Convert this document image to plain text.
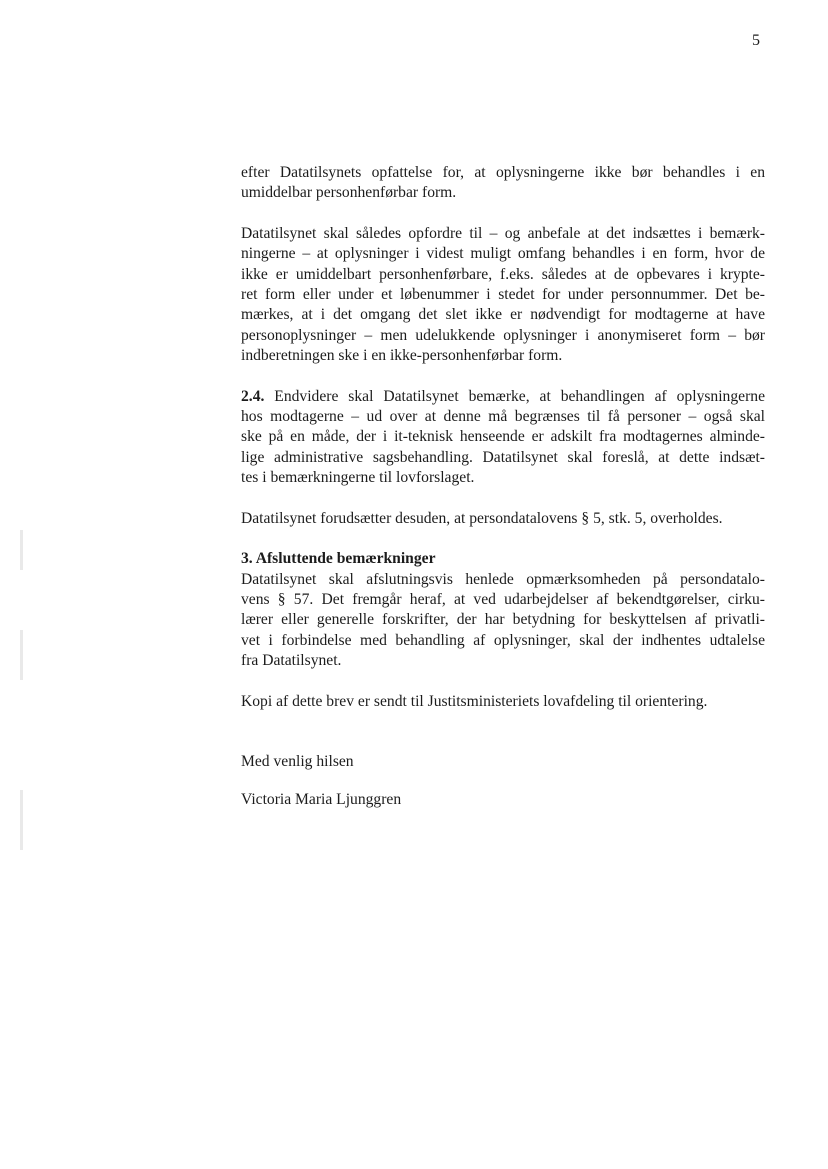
5

efter Datatilsynets opfattelse for, at oplysningerne ikke bør behandles i en
umiddelbar personhenførbar form.

Datatilsynet skal således opfordre til – og anbefale at det indsættes i bemærk-
ningerne – at oplysninger i videst muligt omfang behandles i en form, hvor de
ikke er umiddelbart personhenførbare, f.eks. således at de opbevares i krypte-
ret form eller under et løbenummer i stedet for under personnummer. Det be-
mærkes, at i det omgang det slet ikke er nødvendigt for modtagerne at have
personoplysninger – men udelukkende oplysninger i anonymiseret form – bør
indberetningen ske i en ikke-personhenførbar form.

2.4. Endvidere skal Datatilsynet bemærke, at behandlingen af oplysningerne
hos modtagerne – ud over at denne må begrænses til få personer – også skal
ske på en måde, der i it-teknisk henseende er adskilt fra modtagernes alminde-
lige administrative sagsbehandling. Datatilsynet skal foreslå, at dette indsæt-
tes i bemærkningerne til lovforslaget.

Datatilsynet forudsætter desuden, at persondatalovens § 5, stk. 5, overholdes.

3. Afsluttende bemærkninger
Datatilsynet skal afslutningsvis henlede opmærksomheden på persondatalo-
vens § 57. Det fremgår heraf, at ved udarbejdelser af bekendtgørelser, cirku-
lærer eller generelle forskrifter, der har betydning for beskyttelsen af privatli-
vet i forbindelse med behandling af oplysninger, skal der indhentes udtalelse
fra Datatilsynet.

Kopi af dette brev er sendt til Justitsministeriets lovafdeling til orientering.

Med venlig hilsen

Victoria Maria Ljunggren
